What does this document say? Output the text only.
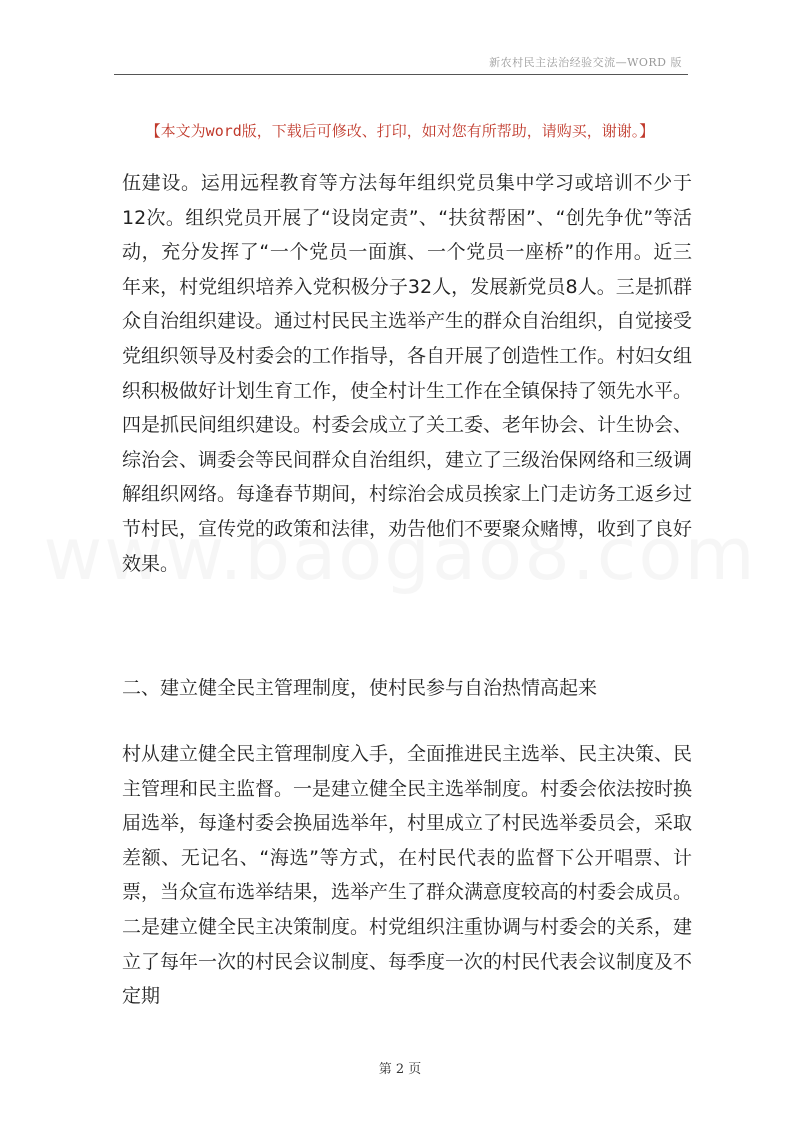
新农村民主法治经验交流—WORD 版
【本文为word版，下载后可修改、打印，如对您有所帮助，请购买，谢谢。】
伍建设。运用远程教育等方法每年组织党员集中学习或培训不少于12次。组织党员开展了“设岗定责”、“扶贫帮困”、“创先争优”等活动，充分发挥了“一个党员一面旗、一个党员一座桥”的作用。近三年来，村党组织培养入党积极分子32人，发展新党员8人。三是抓群众自治组织建设。通过村民民主选举产生的群众自治组织，自觉接受党组织领导及村委会的工作指导，各自开展了创造性工作。村妇女组织积极做好计划生育工作，使全村计生工作在全镇保持了领先水平。四是抓民间组织建设。村委会成立了关工委、老年协会、计生协会、综治会、调委会等民间群众自治组织，建立了三级治保网络和三级调解组织网络。每逢春节期间，村综治会成员挨家上门走访务工返乡过节村民，宣传党的政策和法律，劝告他们不要聚众赌博，收到了良好效果。
二、建立健全民主管理制度，使村民参与自治热情高起来
村从建立健全民主管理制度入手，全面推进民主选举、民主决策、民主管理和民主监督。一是建立健全民主选举制度。村委会依法按时换届选举，每逢村委会换届选举年，村里成立了村民选举委员会，采取差额、无记名、“海选”等方式，在村民代表的监督下公开唱票、计票，当众宣布选举结果，选举产生了群众满意度较高的村委会成员。二是建立健全民主决策制度。村党组织注重协调与村委会的关系，建立了每年一次的村民会议制度、每季度一次的村民代表会议制度及不定期
第 2 页
